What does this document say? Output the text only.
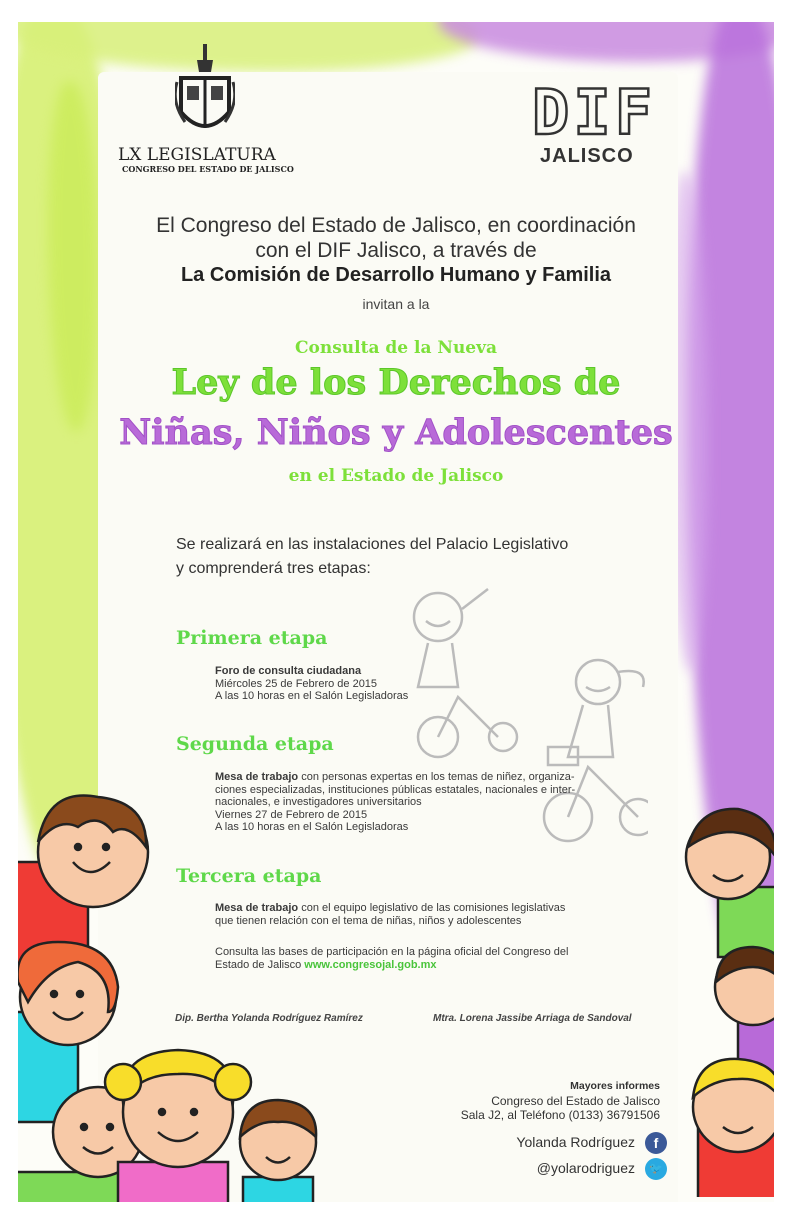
LX LEGISLATURA
CONGRESO DEL ESTADO DE JALISCO
DIF
JALISCO
El Congreso del Estado de Jalisco, en coordinación
con el DIF Jalisco, a través de
La Comisión de Desarrollo Humano y Familia
invitan a la
Consulta de la Nueva
Ley de los Derechos de
Niñas, Niños y Adolescentes
en el Estado de Jalisco
Se realizará en las instalaciones del Palacio Legislativo
y comprenderá tres etapas:
Primera etapa
Foro de consulta ciudadana
Miércoles 25 de Febrero de 2015
A las 10 horas en el Salón Legisladoras
Segunda etapa
Mesa de trabajo con personas expertas en los temas de niñez, organiza-
ciones especializadas, instituciones públicas estatales, nacionales e inter-
nacionales, e investigadores universitarios
Viernes 27 de Febrero de 2015
A las 10 horas en el Salón Legisladoras
Tercera etapa
Mesa de trabajo con el equipo legislativo de las comisiones legislativas
que tienen relación con el tema de niñas, niños y adolescentes
Consulta las bases de participación en la página oficial del Congreso del
Estado de Jalisco www.congresojal.gob.mx
Dip. Bertha Yolanda Rodríguez Ramírez	Mtra. Lorena Jassibe Arriaga de Sandoval
Mayores informes
Congreso del Estado de Jalisco
Sala J2, al Teléfono (0133) 36791506
Yolanda Rodríguez	f
@yolarodriguez	🐦
